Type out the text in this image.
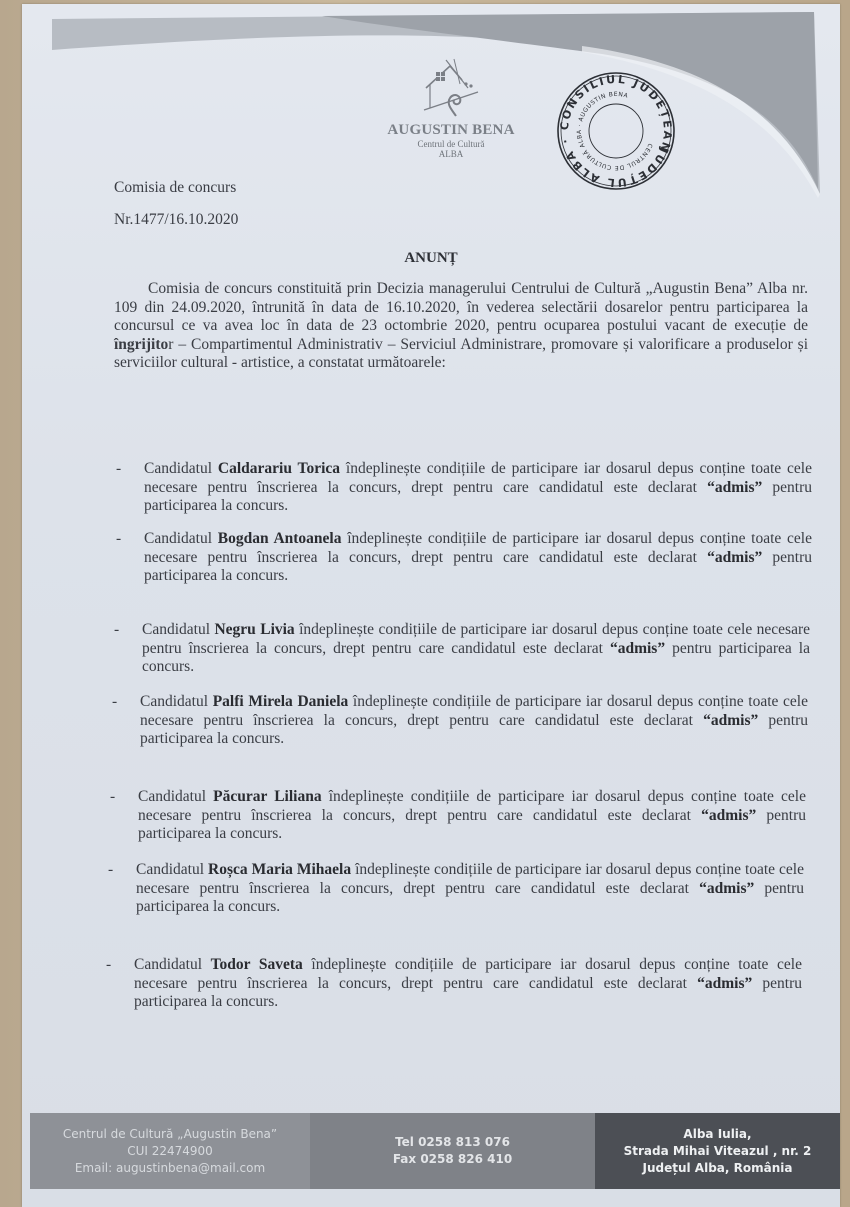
AUGUSTIN BENA
Centrul de Cultură
ALBA	JUDEȚUL ALBA · CONSILIUL JUDEȚEAN
CENTRUL DE CULTURĂ ALBA · AUGUSTIN BENA
Comisia de concurs
Nr.1477/16.10.2020
ANUNȚ
Comisia de concurs constituită prin Decizia managerului Centrului de Cultură „Augustin Bena” Alba nr. 109 din 24.09.2020, întrunită în data de 16.10.2020, în vederea selectării dosarelor pentru participarea la concursul ce va avea loc în data de 23 octombrie 2020, pentru ocuparea postului vacant de execuție de îngrijitor – Compartimentul Administrativ – Serviciul Administrare, promovare și valorificare a produselor și serviciilor cultural - artistice, a constatat următoarele:
- Candidatul Caldarariu Torica îndeplinește condițiile de participare iar dosarul depus conține toate cele necesare pentru înscrierea la concurs, drept pentru care candidatul este declarat “admis” pentru participarea la concurs.
- Candidatul Bogdan Antoanela îndeplinește condițiile de participare iar dosarul depus conține toate cele necesare pentru înscrierea la concurs, drept pentru care candidatul este declarat “admis” pentru participarea la concurs.
- Candidatul Negru Livia îndeplinește condițiile de participare iar dosarul depus conține toate cele necesare pentru înscrierea la concurs, drept pentru care candidatul este declarat “admis” pentru participarea la concurs.
- Candidatul Palfi Mirela Daniela îndeplinește condițiile de participare iar dosarul depus conține toate cele necesare pentru înscrierea la concurs, drept pentru care candidatul este declarat “admis” pentru participarea la concurs.
- Candidatul Păcurar Liliana îndeplinește condițiile de participare iar dosarul depus conține toate cele necesare pentru înscrierea la concurs, drept pentru care candidatul este declarat “admis” pentru participarea la concurs.
- Candidatul Roșca Maria Mihaela îndeplinește condițiile de participare iar dosarul depus conține toate cele necesare pentru înscrierea la concurs, drept pentru care candidatul este declarat “admis” pentru participarea la concurs.
- Candidatul Todor Saveta îndeplinește condițiile de participare iar dosarul depus conține toate cele necesare pentru înscrierea la concurs, drept pentru care candidatul este declarat “admis” pentru participarea la concurs.
Centrul de Cultură „Augustin Bena”
CUI 22474900
Email: augustinbena@mail.com
Tel 0258 813 076
Fax 0258 826 410
Alba Iulia,
Strada Mihai Viteazul , nr. 2
Județul Alba, România
